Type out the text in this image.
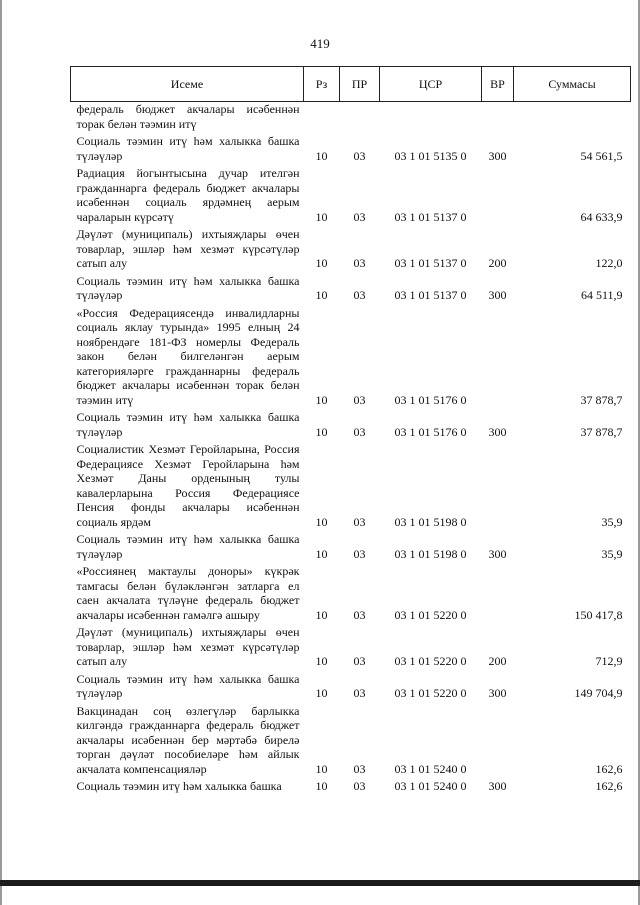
419
Исеме	Рз	ПР	ЦСР	ВР	Суммасы
федераль бюджет акчалары исәбеннән торак белән тәэмин итү					
Социаль тәэмин итү һәм халыкка башка түләүләр	10	03	03 1 01 5135 0	300	54 561,5
Радиация йогынтысына дучар ителгән гражданнарга федераль бюджет акчалары исәбеннән социаль ярдәмнең аерым чараларын күрсәтү	10	03	03 1 01 5137 0		64 633,9
Дәүләт (муниципаль) ихтыяҗлары өчен товарлар, эшләр һәм хезмәт күрсәтүләр сатып алу	10	03	03 1 01 5137 0	200	122,0
Социаль тәэмин итү һәм халыкка башка түләүләр	10	03	03 1 01 5137 0	300	64 511,9
«Россия Федерациясендә инвалидларны социаль яклау турында» 1995 елның 24 ноябрендәге 181-ФЗ номерлы Федераль закон белән билгеләнгән аерым категорияләрге гражданнарны федераль бюджет акчалары исәбеннән торак белән тәэмин итү	10	03	03 1 01 5176 0		37 878,7
Социаль тәэмин итү һәм халыкка башка түләүләр	10	03	03 1 01 5176 0	300	37 878,7
Социалистик Хезмәт Геройларына, Россия Федерациясе Хезмәт Геройларына һәм Хезмәт Даны орденының тулы кавалерларына Россия Федерациясе Пенсия фонды акчалары исәбеннән социаль ярдәм	10	03	03 1 01 5198 0		35,9
Социаль тәэмин итү һәм халыкка башка түләүләр	10	03	03 1 01 5198 0	300	35,9
«Россиянең мактаулы доноры» күкрәк тамгасы белән бүләкләнгән затларга ел саен акчалата түләүне федераль бюджет акчалары исәбеннән гамәлгә ашыру	10	03	03 1 01 5220 0		150 417,8
Дәүләт (муниципаль) ихтыяҗлары өчен товарлар, эшләр һәм хезмәт күрсәтүләр сатып алу	10	03	03 1 01 5220 0	200	712,9
Социаль тәэмин итү һәм халыкка башка түләүләр	10	03	03 1 01 5220 0	300	149 704,9
Вакцинадан соң өзлегүләр барлыкка килгәндә гражданнарга федераль бюджет акчалары исәбеннән бер мәртәбә бирелә торган дәүләт пособиеләре һәм айлык акчалата компенсацияләр	10	03	03 1 01 5240 0		162,6
Социаль тәэмин итү һәм халыкка башка	10	03	03 1 01 5240 0	300	162,6
